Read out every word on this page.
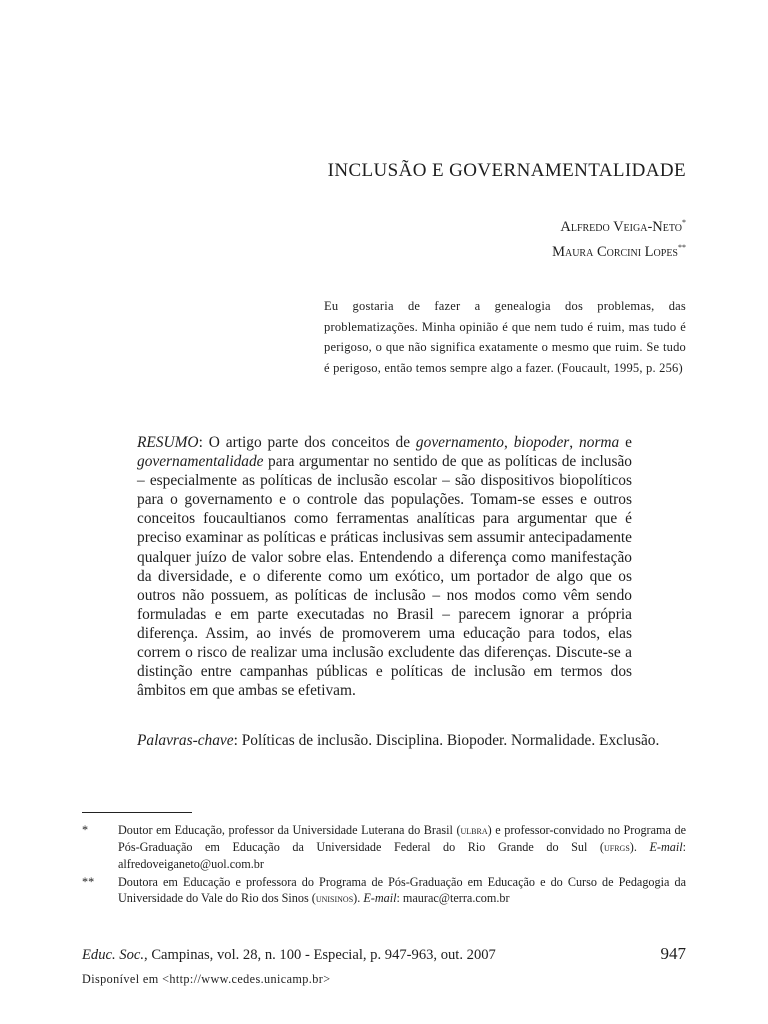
INCLUSÃO E GOVERNAMENTALIDADE
Alfredo Veiga-Neto*
Maura Corcini Lopes**
Eu gostaria de fazer a genealogia dos problemas, das problematizações. Minha opinião é que nem tudo é ruim, mas tudo é perigoso, o que não significa exatamente o mesmo que ruim. Se tudo é perigoso, então temos sempre algo a fazer. (Foucault, 1995, p. 256)

RESUMO: O artigo parte dos conceitos de governamento, biopoder, norma e governamentalidade para argumentar no sentido de que as políticas de inclusão – especialmente as políticas de inclusão escolar – são dispositivos biopolíticos para o governamento e o controle das populações. Tomam-se esses e outros conceitos foucaultianos como ferramentas analíticas para argumentar que é preciso examinar as políticas e práticas inclusivas sem assumir antecipadamente qualquer juízo de valor sobre elas. Entendendo a diferença como manifestação da diversidade, e o diferente como um exótico, um portador de algo que os outros não possuem, as políticas de inclusão – nos modos como vêm sendo formuladas e em parte executadas no Brasil – parecem ignorar a própria diferença. Assim, ao invés de promoverem uma educação para todos, elas correm o risco de realizar uma inclusão excludente das diferenças. Discute-se a distinção entre campanhas públicas e políticas de inclusão em termos dos âmbitos em que ambas se efetivam.

Palavras-chave: Políticas de inclusão. Disciplina. Biopoder. Normalidade. Exclusão.
*	Doutor em Educação, professor da Universidade Luterana do Brasil (ulbra) e professor-convidado no Programa de Pós-Graduação em Educação da Universidade Federal do Rio Grande do Sul (ufrgs). E-mail: alfredoveiganeto@uol.com.br
**	Doutora em Educação e professora do Programa de Pós-Graduação em Educação e do Curso de Pedagogia da Universidade do Vale do Rio dos Sinos (unisinos). E-mail: maurac@terra.com.br
Educ. Soc., Campinas, vol. 28, n. 100 - Especial, p. 947-963, out. 2007	947
Disponível em <http://www.cedes.unicamp.br>
